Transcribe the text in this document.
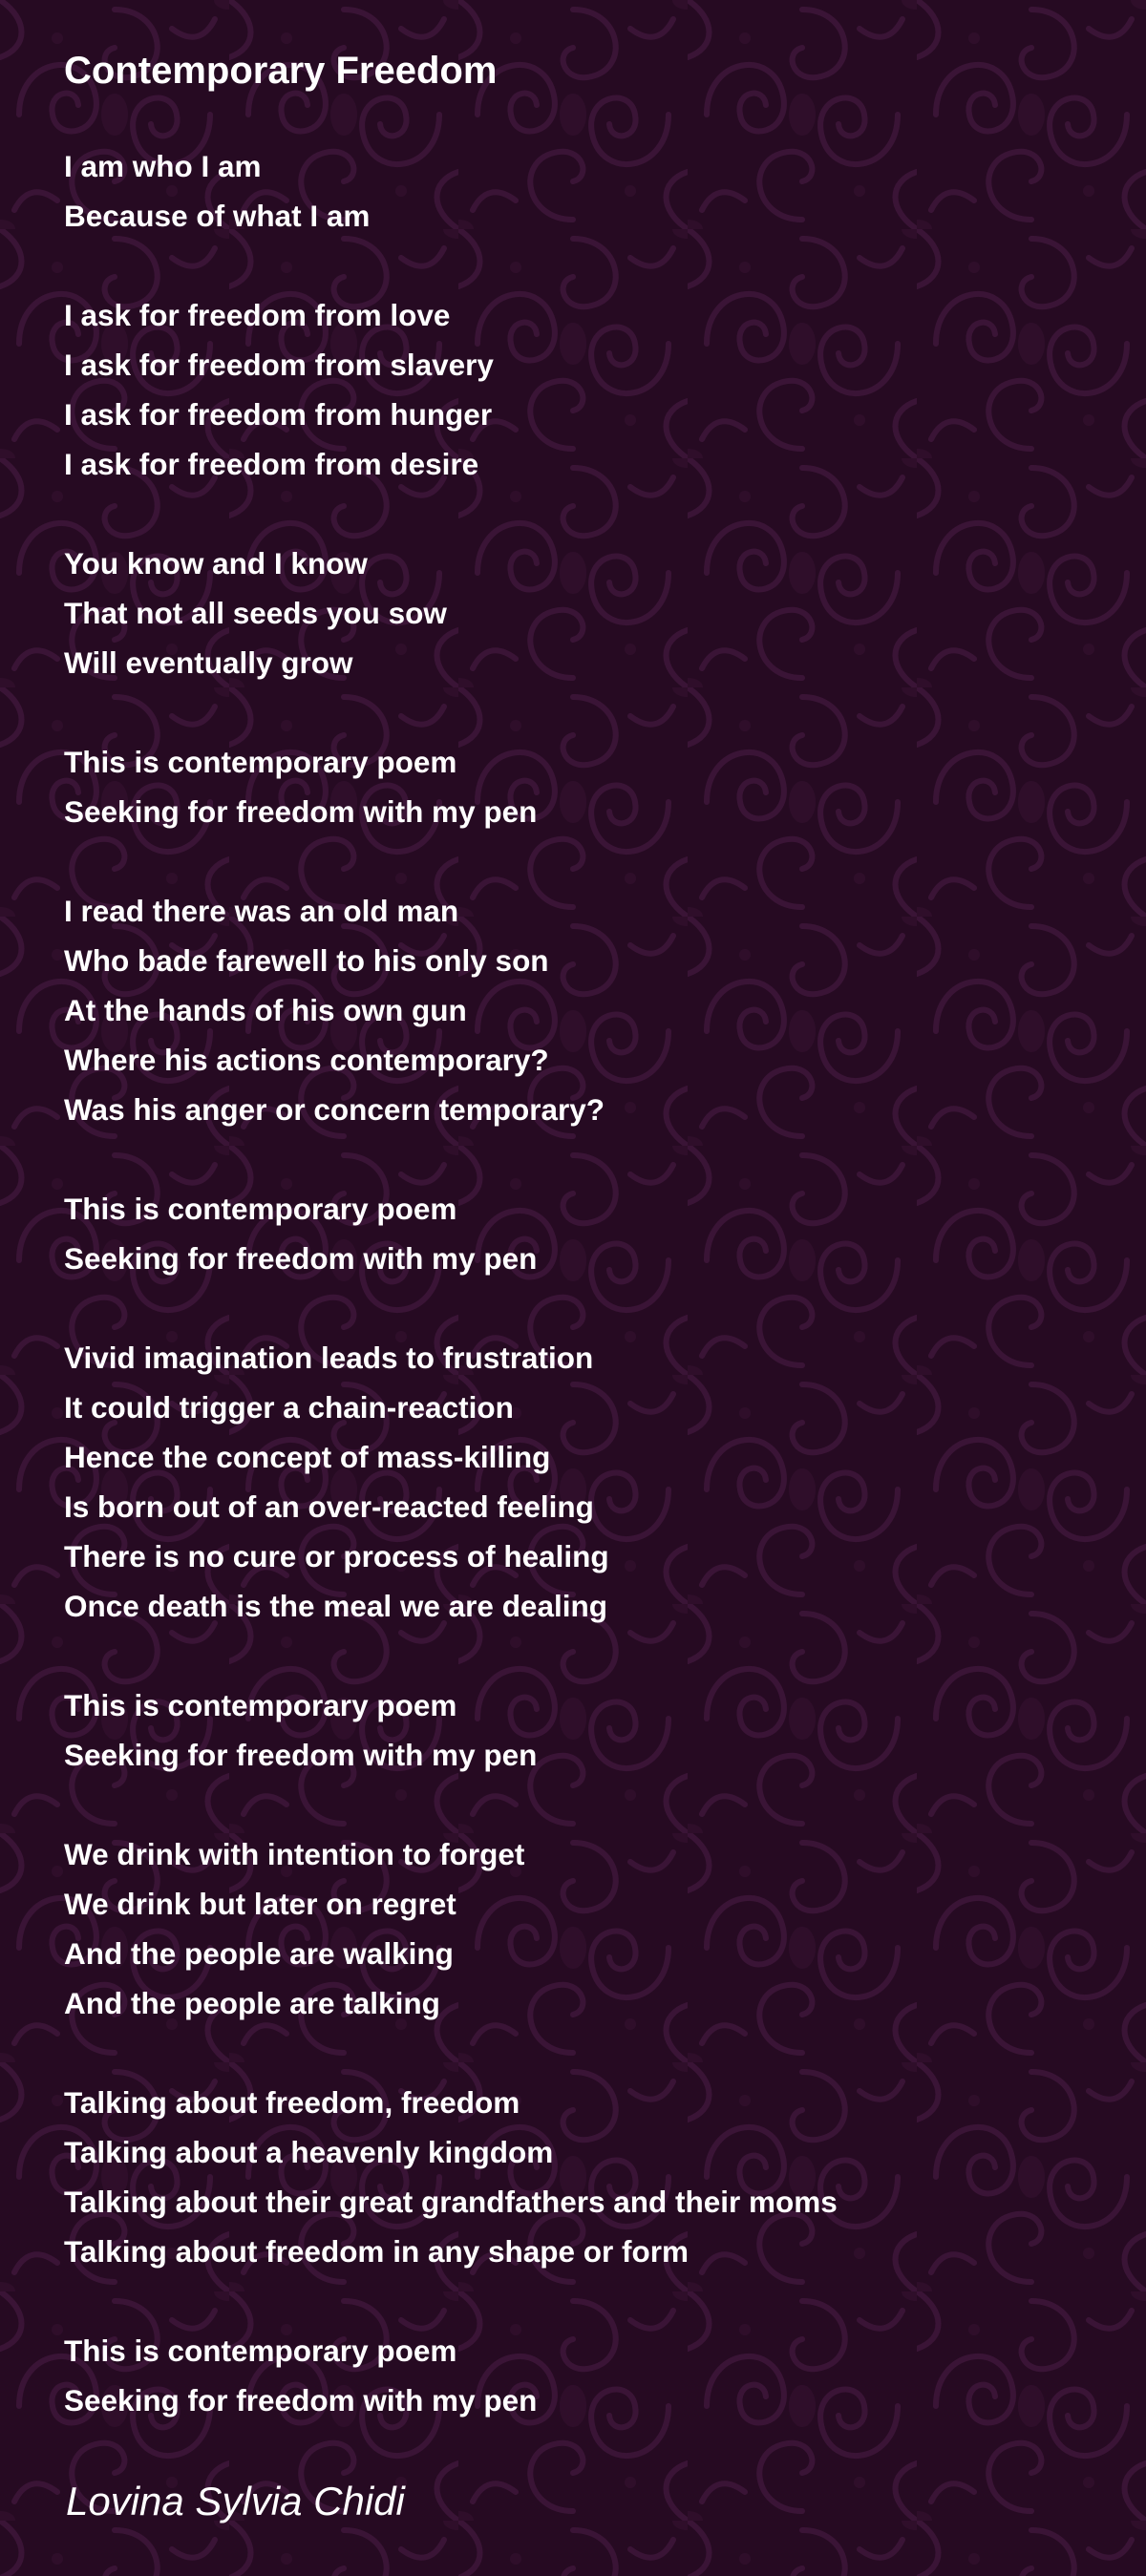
Contemporary Freedom
I am who I am
Because of what I am
I ask for freedom from love
I ask for freedom from slavery
I ask for freedom from hunger
I ask for freedom from desire
You know and I know
That not all seeds you sow
Will eventually grow
This is contemporary poem
Seeking for freedom with my pen
I read there was an old man
Who bade farewell to his only son
At the hands of his own gun
Where his actions contemporary?
Was his anger or concern temporary?
This is contemporary poem
Seeking for freedom with my pen
Vivid imagination leads to frustration
It could trigger a chain-reaction
Hence the concept of mass-killing
Is born out of an over-reacted feeling
There is no cure or process of healing
Once death is the meal we are dealing
This is contemporary poem
Seeking for freedom with my pen
We drink with intention to forget
We drink but later on regret
And the people are walking
And the people are talking
Talking about freedom, freedom
Talking about a heavenly kingdom
Talking about their great grandfathers and their moms
Talking about freedom in any shape or form
This is contemporary poem
Seeking for freedom with my pen
Lovina Sylvia Chidi
